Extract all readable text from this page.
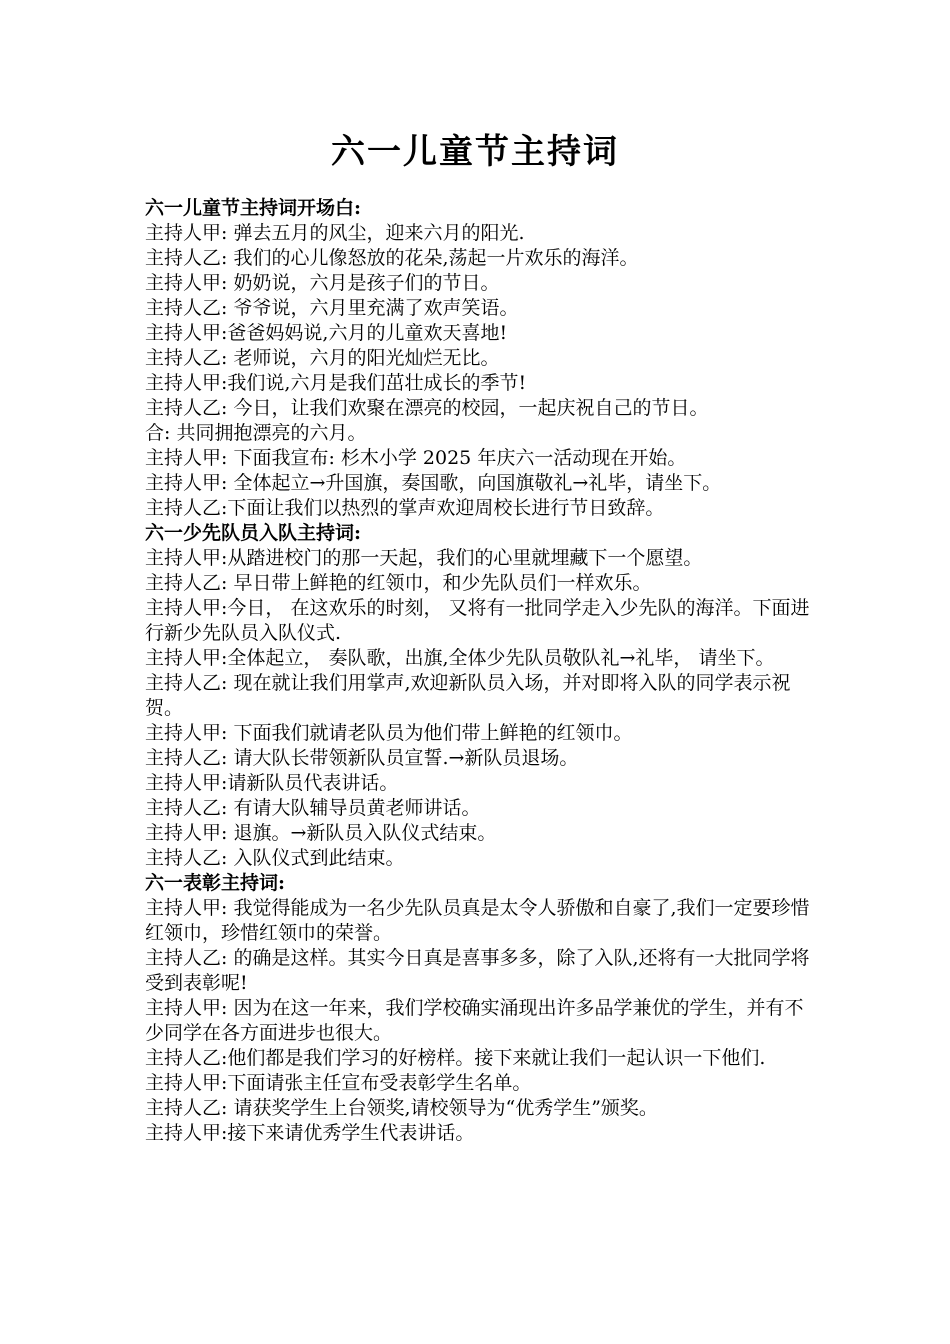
六一儿童节主持词

六一儿童节主持词开场白:

主持人甲: 弹去五月的风尘，迎来六月的阳光.

主持人乙: 我们的心儿像怒放的花朵,荡起一片欢乐的海洋。

主持人甲: 奶奶说，六月是孩子们的节日。

主持人乙: 爷爷说，六月里充满了欢声笑语。

主持人甲:爸爸妈妈说,六月的儿童欢天喜地!

主持人乙: 老师说，六月的阳光灿烂无比。

主持人甲:我们说,六月是我们茁壮成长的季节!

主持人乙: 今日，让我们欢聚在漂亮的校园，一起庆祝自己的节日。

合: 共同拥抱漂亮的六月。

主持人甲: 下面我宣布: 杉木小学 2025 年庆六一活动现在开始。

主持人甲: 全体起立→升国旗，奏国歌，向国旗敬礼→礼毕，请坐下。

主持人乙:下面让我们以热烈的掌声欢迎周校长进行节日致辞。

六一少先队员入队主持词:

主持人甲:从踏进校门的那一天起，我们的心里就埋藏下一个愿望。

主持人乙: 早日带上鲜艳的红领巾，和少先队员们一样欢乐。

主持人甲:今日， 在这欢乐的时刻， 又将有一批同学走入少先队的海洋。下面进行新少先队员入队仪式.

主持人甲:全体起立， 奏队歌，出旗,全体少先队员敬队礼→礼毕， 请坐下。

主持人乙: 现在就让我们用掌声,欢迎新队员入场，并对即将入队的同学表示祝贺。

主持人甲: 下面我们就请老队员为他们带上鲜艳的红领巾。

主持人乙: 请大队长带领新队员宣誓.→新队员退场。

主持人甲:请新队员代表讲话。

主持人乙: 有请大队辅导员黄老师讲话。

主持人甲: 退旗。→新队员入队仪式结束。

主持人乙: 入队仪式到此结束。

六一表彰主持词:

主持人甲: 我觉得能成为一名少先队员真是太令人骄傲和自豪了,我们一定要珍惜红领巾，珍惜红领巾的荣誉。

主持人乙: 的确是这样。其实今日真是喜事多多，除了入队,还将有一大批同学将受到表彰呢!

主持人甲: 因为在这一年来，我们学校确实涌现出许多品学兼优的学生，并有不少同学在各方面进步也很大。

主持人乙:他们都是我们学习的好榜样。接下来就让我们一起认识一下他们.

主持人甲:下面请张主任宣布受表彰学生名单。

主持人乙: 请获奖学生上台领奖,请校领导为“优秀学生”颁奖。

主持人甲:接下来请优秀学生代表讲话。
